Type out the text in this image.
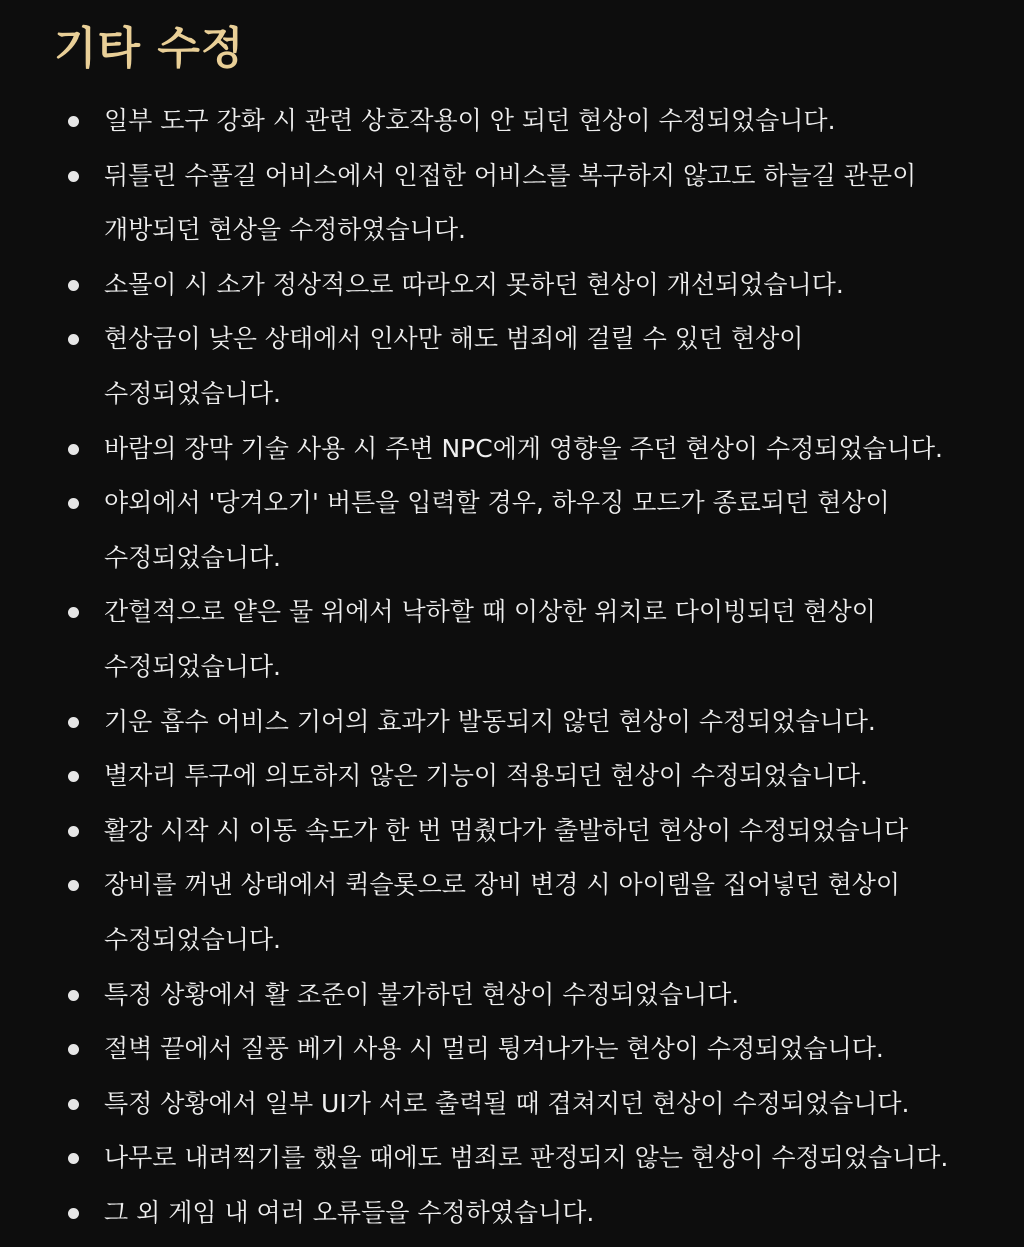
기타 수정
일부 도구 강화 시 관련 상호작용이 안 되던 현상이 수정되었습니다.
뒤틀린 수풀길 어비스에서 인접한 어비스를 복구하지 않고도 하늘길 관문이
개방되던 현상을 수정하였습니다.
소몰이 시 소가 정상적으로 따라오지 못하던 현상이 개선되었습니다.
현상금이 낮은 상태에서 인사만 해도 범죄에 걸릴 수 있던 현상이
수정되었습니다.
바람의 장막 기술 사용 시 주변 NPC에게 영향을 주던 현상이 수정되었습니다.
야외에서 '당겨오기' 버튼을 입력할 경우, 하우징 모드가 종료되던 현상이
수정되었습니다.
간헐적으로 얕은 물 위에서 낙하할 때 이상한 위치로 다이빙되던 현상이
수정되었습니다.
기운 흡수 어비스 기어의 효과가 발동되지 않던 현상이 수정되었습니다.
별자리 투구에 의도하지 않은 기능이 적용되던 현상이 수정되었습니다.
활강 시작 시 이동 속도가 한 번 멈췄다가 출발하던 현상이 수정되었습니다
장비를 꺼낸 상태에서 퀵슬롯으로 장비 변경 시 아이템을 집어넣던 현상이
수정되었습니다.
특정 상황에서 활 조준이 불가하던 현상이 수정되었습니다.
절벽 끝에서 질풍 베기 사용 시 멀리 튕겨나가는 현상이 수정되었습니다.
특정 상황에서 일부 UI가 서로 출력될 때 겹쳐지던 현상이 수정되었습니다.
나무로 내려찍기를 했을 때에도 범죄로 판정되지 않는 현상이 수정되었습니다.
그 외 게임 내 여러 오류들을 수정하였습니다.
